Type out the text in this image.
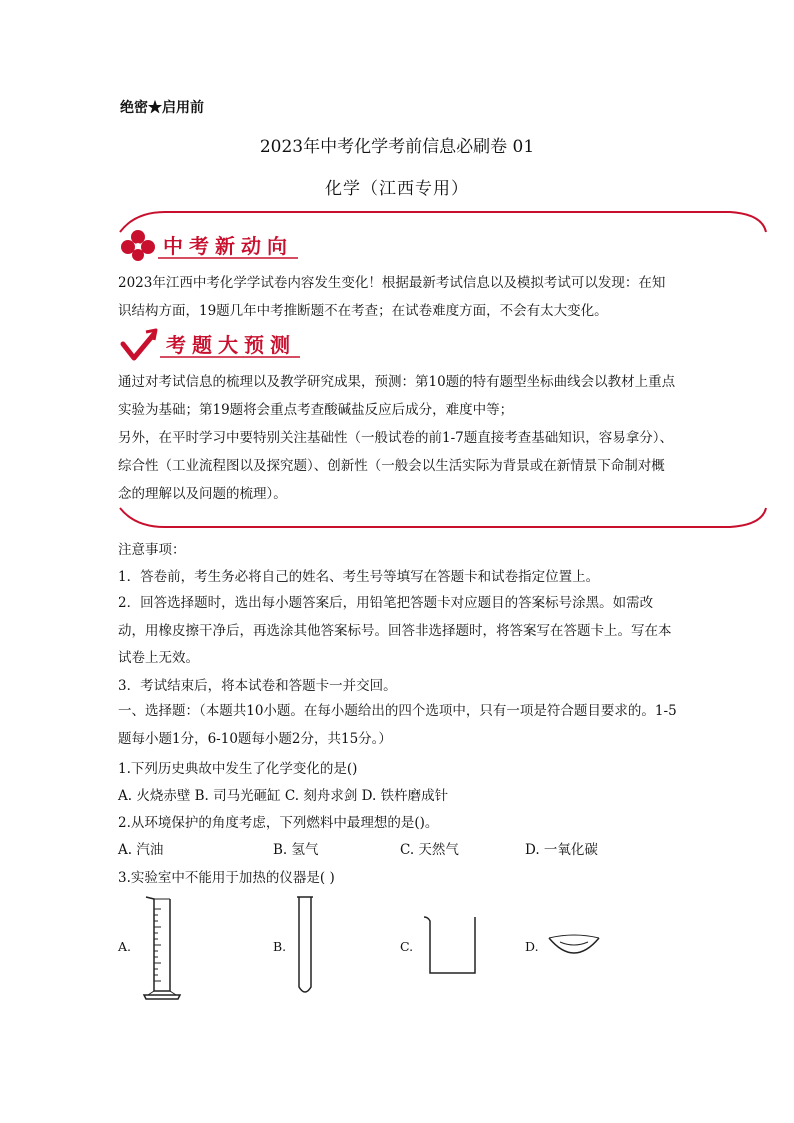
绝密★启用前
2023年中考化学考前信息必刷卷 01
化学（江西专用）
中考新动向
2023年江西中考化学学试卷内容发生变化！根据最新考试信息以及模拟考试可以发现：在知识结构方面，19题几年中考推断题不在考查；在试卷难度方面，不会有太大变化。
考题大预测
通过对考试信息的梳理以及教学研究成果，预测：第10题的特有题型坐标曲线会以教材上重点实验为基础；第19题将会重点考查酸碱盐反应后成分，难度中等；
另外，在平时学习中要特别关注基础性（一般试卷的前1-7题直接考查基础知识，容易拿分）、综合性（工业流程图以及探究题）、创新性（一般会以生活实际为背景或在新情景下命制对概念的理解以及问题的梳理）。
注意事项：
1．答卷前，考生务必将自己的姓名、考生号等填写在答题卡和试卷指定位置上。
2．回答选择题时，选出每小题答案后，用铅笔把答题卡对应题目的答案标号涂黑。如需改动，用橡皮擦干净后，再选涂其他答案标号。回答非选择题时，将答案写在答题卡上。写在本试卷上无效。
3．考试结束后，将本试卷和答题卡一并交回。
一、选择题：（本题共10小题。在每小题给出的四个选项中，只有一项是符合题目要求的。1-5题每小题1分，6-10题每小题2分，共15分。）
1.下列历史典故中发生了化学变化的是()
A. 火烧赤壁 B. 司马光砸缸 C. 刻舟求剑 D. 铁杵磨成针
2.从环境保护的角度考虑，下列燃料中最理想的是()。
A. 汽油	B. 氢气	C. 天然气	D. 一氧化碳
3.实验室中不能用于加热的仪器是( )
A.	B.	C.	D.
